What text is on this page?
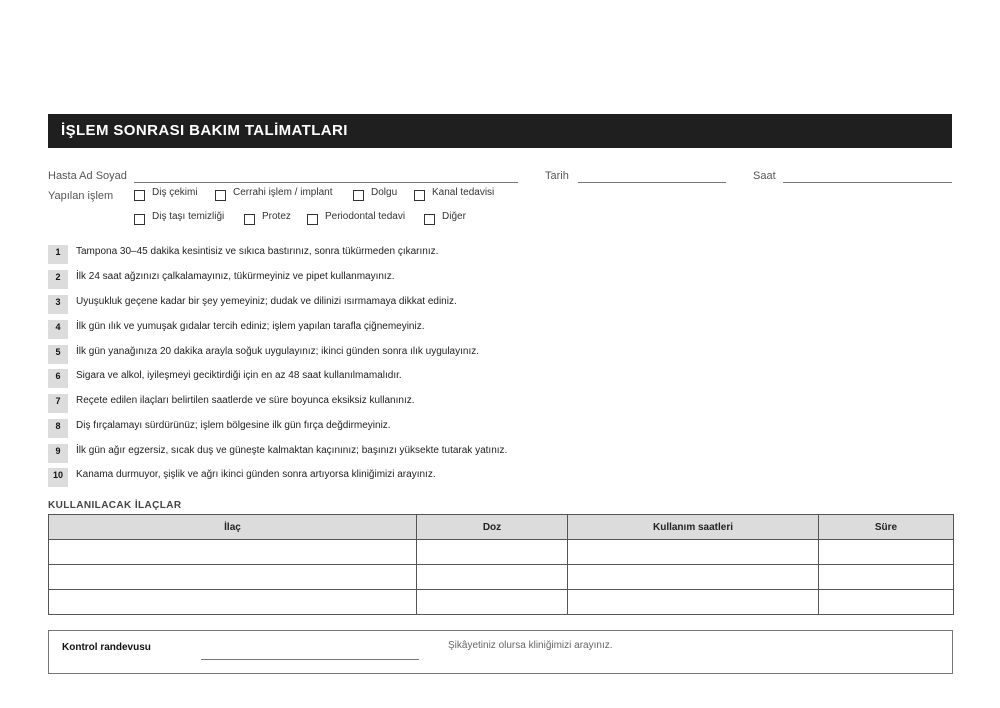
İŞLEM SONRASI BAKIM TALİMATLARI
Hasta Ad Soyad	Tarih	Saat
Yapılan işlem	Diş çekimi	Cerrahi işlem / implant	Dolgu	Kanal tedavisi
Diş taşı temizliği	Protez	Periodontal tedavi	Diğer
1	Tampona 30–45 dakika kesintisiz ve sıkıca bastırınız, sonra tükürmeden çıkarınız.
2	İlk 24 saat ağzınızı çalkalamayınız, tükürmeyiniz ve pipet kullanmayınız.
3	Uyuşukluk geçene kadar bir şey yemeyiniz; dudak ve dilinizi ısırmamaya dikkat ediniz.
4	İlk gün ılık ve yumuşak gıdalar tercih ediniz; işlem yapılan tarafla çiğnemeyiniz.
5	İlk gün yanağınıza 20 dakika arayla soğuk uygulayınız; ikinci günden sonra ılık uygulayınız.
6	Sigara ve alkol, iyileşmeyi geciktirdiği için en az 48 saat kullanılmamalıdır.
7	Reçete edilen ilaçları belirtilen saatlerde ve süre boyunca eksiksiz kullanınız.
8	Diş fırçalamayı sürdürünüz; işlem bölgesine ilk gün fırça değdirmeyiniz.
9	İlk gün ağır egzersiz, sıcak duş ve güneşte kalmaktan kaçınınız; başınızı yüksekte tutarak yatınız.
10	Kanama durmuyor, şişlik ve ağrı ikinci günden sonra artıyorsa kliniğimizi arayınız.
KULLANILACAK İLAÇLAR
İlaç	Doz	Kullanım saatleri	Süre

Kontrol randevusu	Şikâyetiniz olursa kliniğimizi arayınız.
